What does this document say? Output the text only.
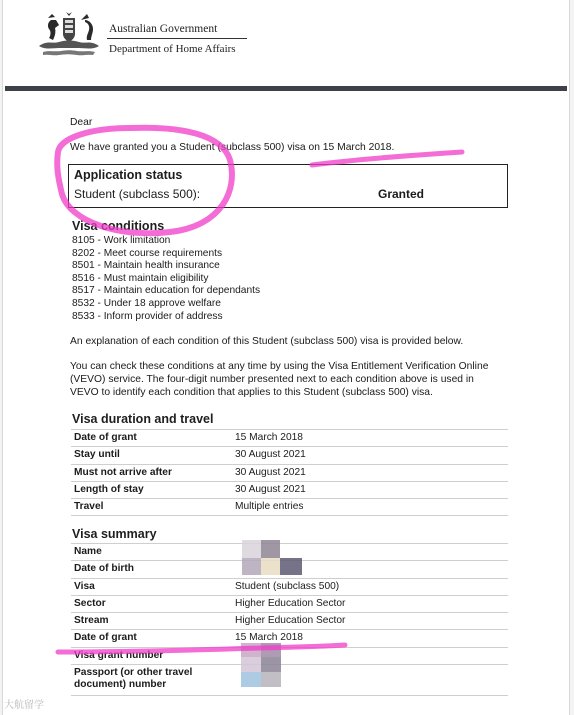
Australian Government
Department of Home Affairs
Dear
We have granted you a Student (subclass 500) visa on 15 March 2018.
Application status
Student (subclass 500):	Granted
Visa conditions
8105 - Work limitation
8202 - Meet course requirements
8501 - Maintain health insurance
8516 - Must maintain eligibility
8517 - Maintain education for dependants
8532 - Under 18 approve welfare
8533 - Inform provider of address
An explanation of each condition of this Student (subclass 500) visa is provided below.
You can check these conditions at any time by using the Visa Entitlement Verification Online
(VEVO) service. The four-digit number presented next to each condition above is used in
VEVO to identify each condition that applies to this Student (subclass 500) visa.
Visa duration and travel
Date of grant	15 March 2018
Stay until	30 August 2021
Must not arrive after	30 August 2021
Length of stay	30 August 2021
Travel	Multiple entries
Visa summary
Name
Date of birth
Visa	Student (subclass 500)
Sector	Higher Education Sector
Stream	Higher Education Sector
Date of grant	15 March 2018
Visa grant number
Passport (or other travel document) number
大航留学
